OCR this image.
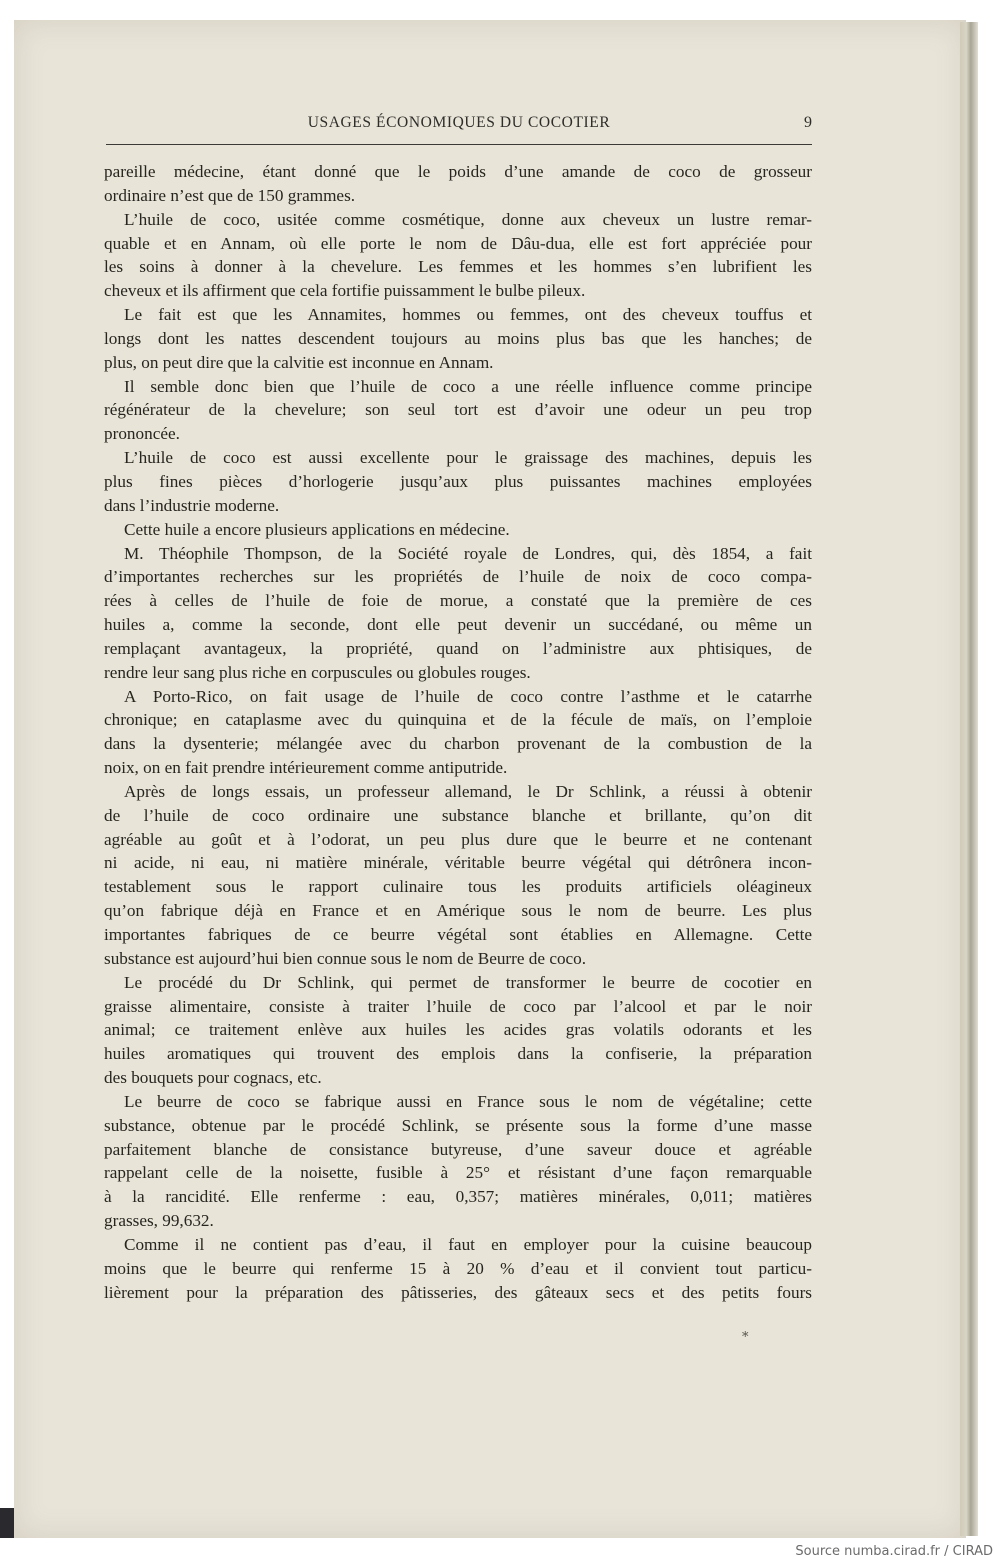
USAGES ÉCONOMIQUES DU COCOTIER	9
pareille médecine, étant donné que le poids d’une amande de coco de grosseur
ordinaire n’est que de 150 grammes.
L’huile de coco, usitée comme cosmétique, donne aux cheveux un lustre remar-
quable et en Annam, où elle porte le nom de Dâu-dua, elle est fort appréciée pour
les soins à donner à la chevelure. Les femmes et les hommes s’en lubrifient les
cheveux et ils affirment que cela fortifie puissamment le bulbe pileux.
Le fait est que les Annamites, hommes ou femmes, ont des cheveux touffus et
longs dont les nattes descendent toujours au moins plus bas que les hanches; de
plus, on peut dire que la calvitie est inconnue en Annam.
Il semble donc bien que l’huile de coco a une réelle influence comme principe
régénérateur de la chevelure; son seul tort est d’avoir une odeur un peu trop
prononcée.
L’huile de coco est aussi excellente pour le graissage des machines, depuis les
plus fines pièces d’horlogerie jusqu’aux plus puissantes machines employées
dans l’industrie moderne.
Cette huile a encore plusieurs applications en médecine.
M. Théophile Thompson, de la Société royale de Londres, qui, dès 1854, a fait
d’importantes recherches sur les propriétés de l’huile de noix de coco compa-
rées à celles de l’huile de foie de morue, a constaté que la première de ces
huiles a, comme la seconde, dont elle peut devenir un succédané, ou même un
remplaçant avantageux, la propriété, quand on l’administre aux phtisiques, de
rendre leur sang plus riche en corpuscules ou globules rouges.
A Porto-Rico, on fait usage de l’huile de coco contre l’asthme et le catarrhe
chronique; en cataplasme avec du quinquina et de la fécule de maïs, on l’emploie
dans la dysenterie; mélangée avec du charbon provenant de la combustion de la
noix, on en fait prendre intérieurement comme antiputride.
Après de longs essais, un professeur allemand, le Dr Schlink, a réussi à obtenir
de l’huile de coco ordinaire une substance blanche et brillante, qu’on dit
agréable au goût et à l’odorat, un peu plus dure que le beurre et ne contenant
ni acide, ni eau, ni matière minérale, véritable beurre végétal qui détrônera incon-
testablement sous le rapport culinaire tous les produits artificiels oléagineux
qu’on fabrique déjà en France et en Amérique sous le nom de beurre. Les plus
importantes fabriques de ce beurre végétal sont établies en Allemagne. Cette
substance est aujourd’hui bien connue sous le nom de Beurre de coco.
Le procédé du Dr Schlink, qui permet de transformer le beurre de cocotier en
graisse alimentaire, consiste à traiter l’huile de coco par l’alcool et par le noir
animal; ce traitement enlève aux huiles les acides gras volatils odorants et les
huiles aromatiques qui trouvent des emplois dans la confiserie, la préparation
des bouquets pour cognacs, etc.
Le beurre de coco se fabrique aussi en France sous le nom de végétaline; cette
substance, obtenue par le procédé Schlink, se présente sous la forme d’une masse
parfaitement blanche de consistance butyreuse, d’une saveur douce et agréable
rappelant celle de la noisette, fusible à 25° et résistant d’une façon remarquable
à la rancidité. Elle renferme : eau, 0,357; matières minérales, 0,011; matières
grasses, 99,632.
Comme il ne contient pas d’eau, il faut en employer pour la cuisine beaucoup
moins que le beurre qui renferme 15 à 20 % d’eau et il convient tout particu-
lièrement pour la préparation des pâtisseries, des gâteaux secs et des petits fours
*
Source numba.cirad.fr / CIRAD
